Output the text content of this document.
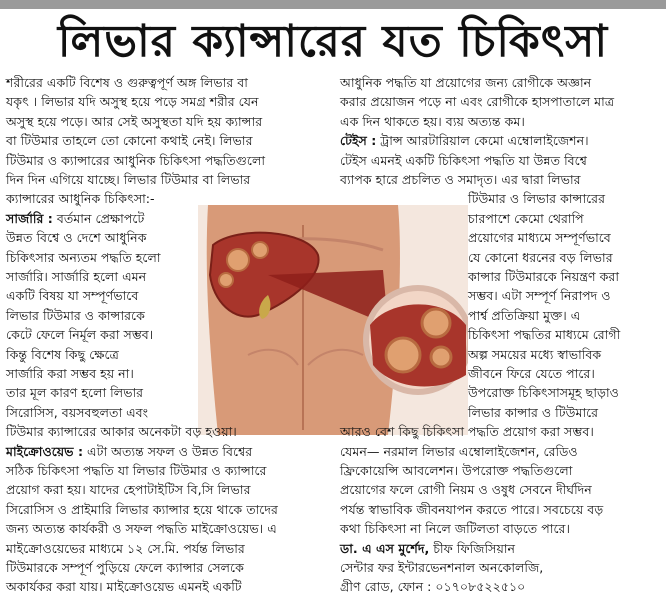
লিভার ক্যান্সারের যত চিকিৎসা
শরীরের একটি বিশেষ ও গুরুত্বপূর্ণ অঙ্গ লিভার বা
যকৃৎ । লিভার যদি অসুস্থ হয়ে পড়ে সমগ্র শরীর যেন
অসুস্থ হয়ে পড়ে। আর সেই অসুস্থতা যদি হয় ক্যান্সার
বা টিউমার তাহলে তো কোনো কথাই নেই। লিভার
টিউমার ও ক্যান্সারের আধুনিক চিকিৎসা পদ্ধতিগুলো
দিন দিন এগিয়ে যাচ্ছে। লিভার টিউমার বা লিভার
ক্যান্সারের আধুনিক চিকিৎসা:-
সার্জারি : বর্তমান প্রেক্ষাপটে
উন্নত বিশ্বে ও দেশে আধুনিক
চিকিৎসার অন্যতম পদ্ধতি হলো
সার্জারি। সার্জারি হলো এমন
একটি বিষয় যা সম্পূর্ণভাবে
লিভার টিউমার ও কান্সারকে
কেটে ফেলে নির্মূল করা সম্ভব।
কিন্তু বিশেষ কিছু ক্ষেত্রে
সার্জারি করা সম্ভব হয় না।
তার মূল কারণ হলো লিভার
সিরোসিস, বয়সবহুলতা এবং
টিউমার ক্যান্সারের আকার অনেকটা বড় হওয়া।
মাইক্রোওয়েভ : এটা অত্যন্ত সফল ও উন্নত বিশ্বের
সঠিক চিকিৎসা পদ্ধতি যা লিভার টিউমার ও ক্যান্সারে
প্রয়োগ করা হয়। যাদের হেপাটাইটিস বি,সি লিভার
সিরোসিস ও প্রাইমারি লিভার ক্যান্সার হয়ে থাকে তাদের
জন্য অত্যন্ত কার্যকরী ও সফল পদ্ধতি মাইক্রোওয়েভ। এ
মাইক্রোওয়েভের মাধ্যমে ১২ সে.মি. পর্যন্ত লিভার
টিউমারকে সম্পূর্ণ পুড়িয়ে ফেলে ক্যান্সার সেলকে
অকার্যকর করা যায়। মাইক্রোওয়েভ এমনই একটি
আধুনিক পদ্ধতি যা প্রয়োগের জন্য রোগীকে অজ্ঞান
করার প্রয়োজন পড়ে না এবং রোগীকে হাসপাতালে মাত্র
এক দিন থাকতে হয়। ব্যয় অত্যন্ত কম।
টেইস : ট্রান্স আরটারিয়াল কেমো এম্বোলাইজেশন।
টেইস এমনই একটি চিকিৎসা পদ্ধতি যা উন্নত বিশ্বে
ব্যাপক হারে প্রচলিত ও সমাদৃত। এর দ্বারা লিভার
টিউমার ও লিভার কান্সারের
চারপাশে কেমো থেরাপি
প্রয়োগের মাধ্যমে সম্পূর্ণভাবে
যে কোনো ধরনের বড় লিভার
কান্সার টিউমারকে নিয়ন্ত্রণ করা
সম্ভব। এটা সম্পূর্ণ নিরাপদ ও
পার্শ্ব প্রতিক্রিয়া মুক্ত। এ
চিকিৎসা পদ্ধতির মাধ্যমে রোগী
অল্প সময়ের মধ্যে স্বাভাবিক
জীবনে ফিরে যেতে পারে।
উপরোক্ত চিকিৎসাসমূহ ছাড়াও
লিভার কান্সার ও টিউমারে
আরও বেশ কিছু চিকিৎসা পদ্ধতি প্রয়োগ করা সম্ভব।
যেমন— নরমাল লিভার এম্বোলাইজেশন, রেডিও
ফ্রিকোয়েন্সি আবলেশন। উপরোক্ত পদ্ধতিগুলো
প্রয়োগের ফলে রোগী নিয়ম ও ওষুধ সেবনে দীর্ঘদিন
পর্যন্ত স্বাভাবিক জীবনযাপন করতে পারে। সবচেয়ে বড়
কথা চিকিৎসা না নিলে জটিলতা বাড়তে পারে।
ডা. এ এস মুর্শেদ, চীফ ফিজিসিয়ান
সেন্টার ফর ইন্টারভেনশনাল অনকোলজি,
গ্রীণ রোড, ফোন : ০১৭০৮৫২২৫১০
